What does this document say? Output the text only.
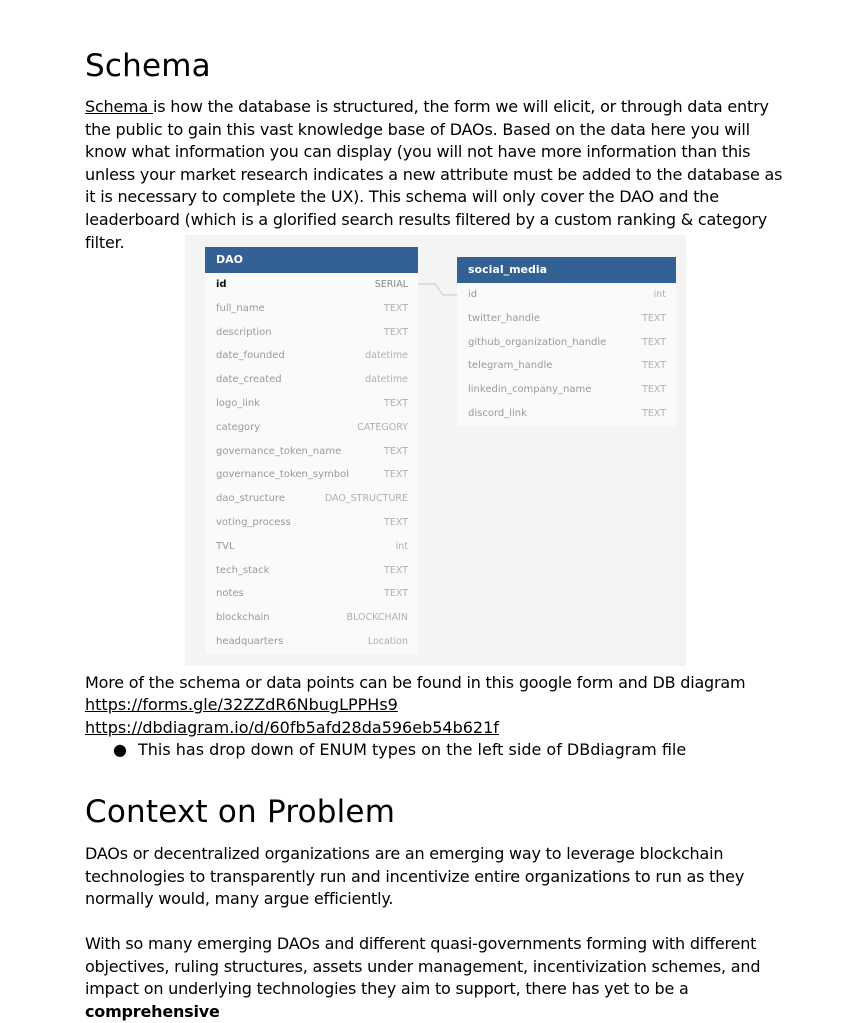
Schema

Schema is how the database is structured, the form we will elicit, or through data entry the public to gain this vast knowledge base of DAOs. Based on the data here you will know what information you can display (you will not have more information than this unless your market research indicates a new attribute must be added to the database as it is necessary to complete the UX). This schema will only cover the DAO and the leaderboard (which is a glorified search results filtered by a custom ranking & category filter.

DAO
id	SERIAL
full_name	TEXT
description	TEXT
date_founded	datetime
date_created	datetime
logo_link	TEXT
category	CATEGORY
governance_token_name	TEXT
governance_token_symbol	TEXT
dao_structure	DAO_STRUCTURE
voting_process	TEXT
TVL	int
tech_stack	TEXT
notes	TEXT
blockchain	BLOCKCHAIN
headquarters	Location
social_media
id	int
twitter_handle	TEXT
github_organization_handle	TEXT
telegram_handle	TEXT
linkedin_company_name	TEXT
discord_link	TEXT

More of the schema or data points can be found in this google form and DB diagram

https://forms.gle/32ZZdR6NbugLPPHs9
https://dbdiagram.io/d/60fb5afd28da596eb54b621f
● This has drop down of ENUM types on the left side of DBdiagram file
Context on Problem

DAOs or decentralized organizations are an emerging way to leverage blockchain technologies to transparently run and incentivize entire organizations to run as they normally would, many argue efficiently.

With so many emerging DAOs and different quasi-governments forming with different objectives, ruling structures, assets under management, incentivization schemes, and impact on underlying technologies they aim to support, there has yet to be a comprehensive
